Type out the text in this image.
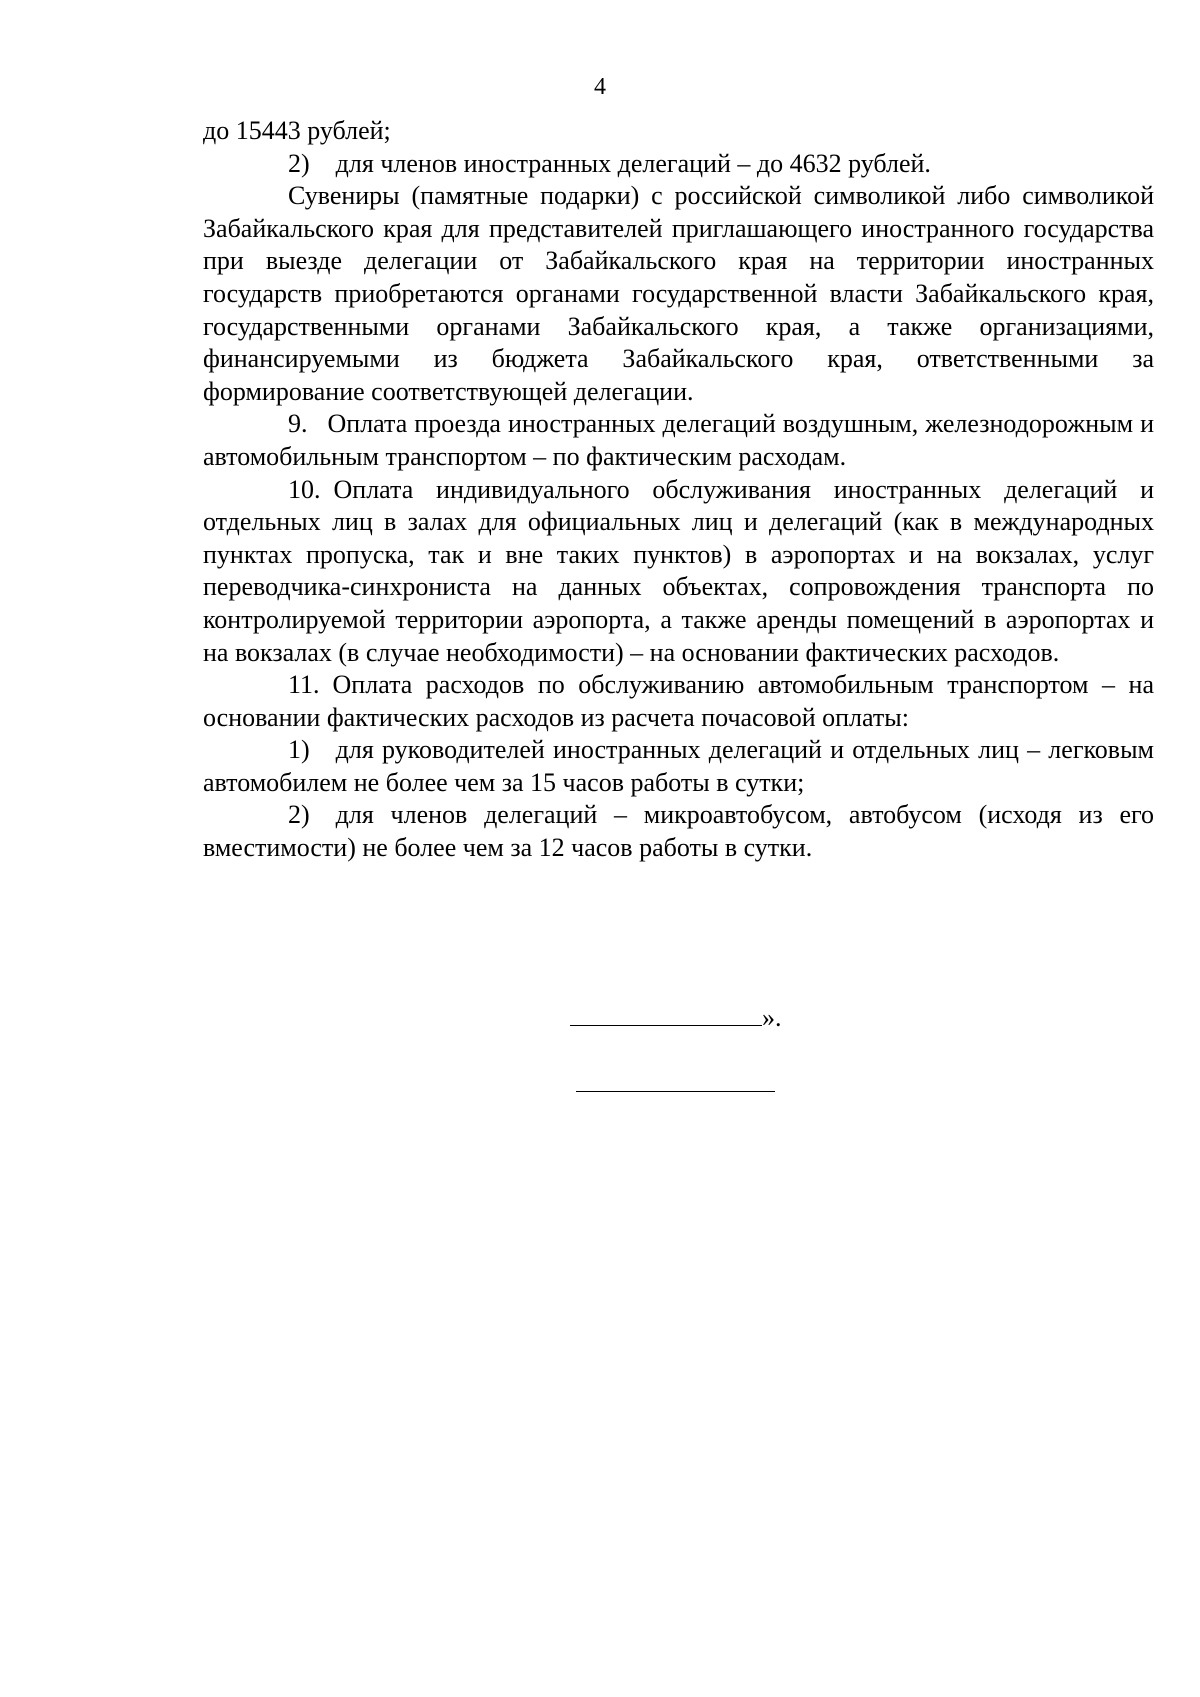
4

до 15443 рублей;

2)  для членов иностранных делегаций – до 4632 рублей.

Сувениры (памятные подарки) с российской символикой либо символикой Забайкальского края для представителей приглашающего иностранного государства при выезде делегации от Забайкальского края на территории иностранных государств приобретаются органами государственной власти Забайкальского края, государственными органами Забайкальского края, а также организациями, финансируемыми из бюджета Забайкальского края, ответственными за формирование соответствующей делегации.

9.  Оплата проезда иностранных делегаций воздушным, железнодорожным и автомобильным транспортом – по фактическим расходам.

10. Оплата индивидуального обслуживания иностранных делегаций и отдельных лиц в залах для официальных лиц и делегаций (как в международных пунктах пропуска, так и вне таких пунктов) в аэропортах и на вокзалах, услуг переводчика-синхрониста на данных объектах, сопровождения транспорта по контролируемой территории аэропорта, а также аренды помещений в аэропортах и на вокзалах (в случае необходимости) – на основании фактических расходов.

11. Оплата расходов по обслуживанию автомобильным транспортом – на основании фактических расходов из расчета почасовой оплаты:

1)  для руководителей иностранных делегаций и отдельных лиц – легковым автомобилем не более чем за 15 часов работы в сутки;

2)  для членов делегаций – микроавтобусом, автобусом (исходя из его вместимости) не более чем за 12 часов работы в сутки.

».
